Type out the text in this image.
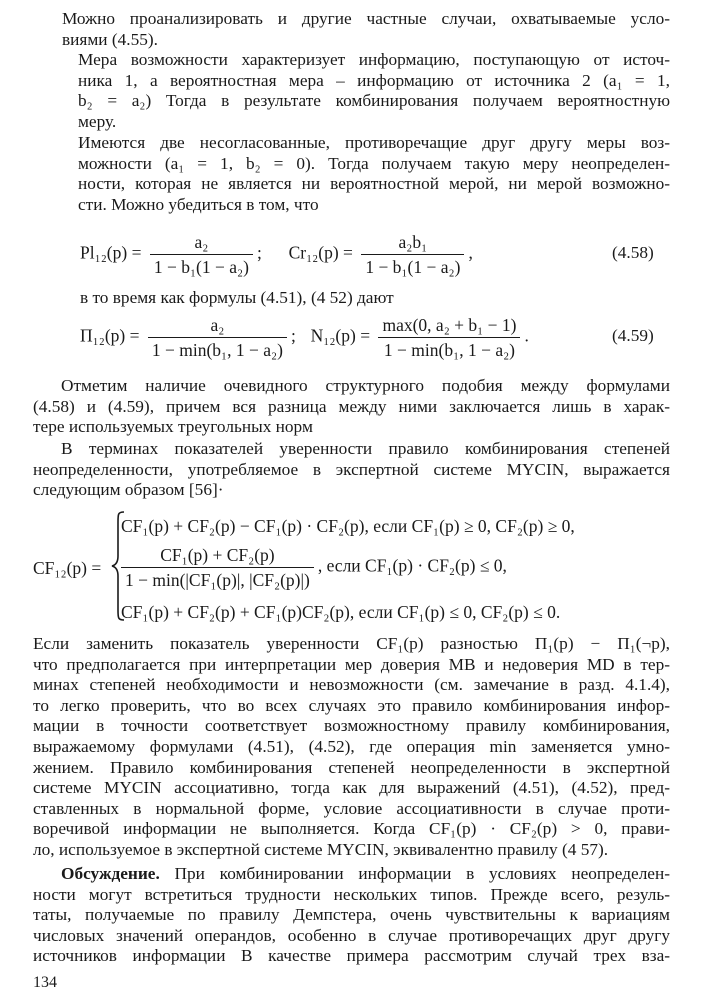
Можно проанализировать и другие частные случаи, охватываемые усло-
виями (4.55).
Мера возможности характеризует информацию, поступающую от источ-
ника 1, а вероятностная мера – информацию от источника 2 (a₁ = 1,
b₂ = a₂) Тогда в результате комбинирования получаем вероятностную
меру.
Имеются две несогласованные, противоречащие друг другу меры воз-
можности (a₁ = 1, b₂ = 0). Тогда получаем такую меру неопределен-
ности, которая не является ни вероятностной мерой, ни мерой возможно-
сти. Можно убедиться в том, что
$Pl_{12}(p) = \frac{\text{a₂}}{\text{1 − b₁(1 − a₂)}}$ ; $Cr_{12}(p) = \frac{\text{a₂b₁}}{\text{1 − b₁(1 − a₂)}}$ ,	(4.58)
в то время как формулы (4.51), (4 52) дают
$\Pi_{12}(p) = \frac{\text{a₂}}{\text{1 − min(b₁, 1 − a₂)}}$ ; $N_{12}(p) = \frac{\text{max(0, a₂ + b₁ − 1)}}{\text{1 − min(b₁, 1 − a₂)}}$ .	(4.59)
Отметим наличие очевидного структурного подобия между формулами
(4.58) и (4.59), причем вся разница между ними заключается лишь в харак-
тере используемых треугольных норм
В терминах показателей уверенности правило комбинирования степеней
неопределенности, употребляемое в экспертной системе MYCIN, выражается
следующим образом [56]·
CF₁₂(p) =
CF₁(p) + CF₂(p) − CF₁(p) · CF₂(p), если CF₁(p) ≥ 0, CF₂(p) ≥ 0,
$\frac{\text{CF₁(p) + CF₂(p)}}{\text{1 − min(|CF₁(p)|, |CF₂(p)|)}}$ , если CF₁(p) · CF₂(p) ≤ 0,
CF₁(p) + CF₂(p) + CF₁(p)CF₂(p), если CF₁(p) ≤ 0, CF₂(p) ≤ 0.
Если заменить показатель уверенности CF₁(p) разностью Π₁(p) − Π₁(¬p),
что предполагается при интерпретации мер доверия MB и недоверия MD в тер-
минах степеней необходимости и невозможности (см. замечание в разд. 4.1.4),
то легко проверить, что во всех случаях это правило комбинирования инфор-
мации в точности соответствует возможностному правилу комбинирования,
выражаемому формулами (4.51), (4.52), где операция min заменяется умно-
жением. Правило комбинирования степеней неопределенности в экспертной
системе MYCIN ассоциативно, тогда как для выражений (4.51), (4.52), пред-
ставленных в нормальной форме, условие ассоциативности в случае проти-
воречивой информации не выполняется. Когда CF₁(p) · CF₂(p) > 0, прави-
ло, используемое в экспертной системе MYCIN, эквивалентно правилу (4 57).
Обсуждение. При комбинировании информации в условиях неопределен-
ности могут встретиться трудности нескольких типов. Прежде всего, резуль-
таты, получаемые по правилу Демпстера, очень чувствительны к вариациям
числовых значений операндов, особенно в случае противоречащих друг другу
источников информации В качестве примера рассмотрим случай трех вза-
134
